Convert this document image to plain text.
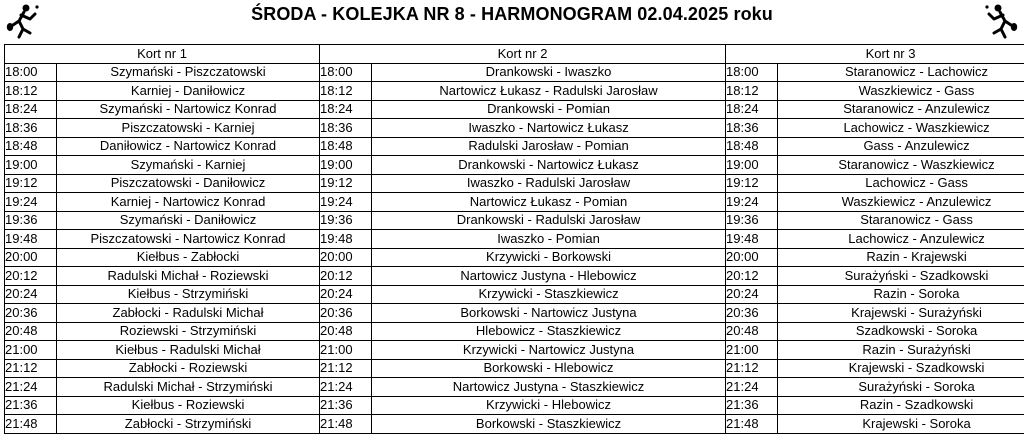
ŚRODA - KOLEJKA NR 8 - HARMONOGRAM 02.04.2025 roku
Kort nr 1		Kort nr 2		Kort nr 3	
18:00	Szymański - Piszczatowski	18:00	Drankowski - Iwaszko	18:00	Staranowicz - Lachowicz
18:12	Karniej - Daniłowicz	18:12	Nartowicz Łukasz - Radulski Jarosław	18:12	Waszkiewicz - Gass
18:24	Szymański - Nartowicz Konrad	18:24	Drankowski - Pomian	18:24	Staranowicz - Anzulewicz
18:36	Piszczatowski - Karniej	18:36	Iwaszko - Nartowicz Łukasz	18:36	Lachowicz - Waszkiewicz
18:48	Daniłowicz - Nartowicz Konrad	18:48	Radulski Jarosław - Pomian	18:48	Gass - Anzulewicz
19:00	Szymański - Karniej	19:00	Drankowski - Nartowicz Łukasz	19:00	Staranowicz - Waszkiewicz
19:12	Piszczatowski - Daniłowicz	19:12	Iwaszko - Radulski Jarosław	19:12	Lachowicz - Gass
19:24	Karniej - Nartowicz Konrad	19:24	Nartowicz Łukasz - Pomian	19:24	Waszkiewicz - Anzulewicz
19:36	Szymański - Daniłowicz	19:36	Drankowski - Radulski Jarosław	19:36	Staranowicz - Gass
19:48	Piszczatowski - Nartowicz Konrad	19:48	Iwaszko - Pomian	19:48	Lachowicz - Anzulewicz
20:00	Kiełbus - Zabłocki	20:00	Krzywicki - Borkowski	20:00	Razin - Krajewski
20:12	Radulski Michał - Roziewski	20:12	Nartowicz Justyna - Hlebowicz	20:12	Surażyński - Szadkowski
20:24	Kiełbus - Strzymiński	20:24	Krzywicki - Staszkiewicz	20:24	Razin - Soroka
20:36	Zabłocki - Radulski Michał	20:36	Borkowski - Nartowicz Justyna	20:36	Krajewski - Surażyński
20:48	Roziewski - Strzymiński	20:48	Hlebowicz - Staszkiewicz	20:48	Szadkowski - Soroka
21:00	Kiełbus - Radulski Michał	21:00	Krzywicki - Nartowicz Justyna	21:00	Razin - Surażyński
21:12	Zabłocki - Roziewski	21:12	Borkowski - Hlebowicz	21:12	Krajewski - Szadkowski
21:24	Radulski Michał - Strzymiński	21:24	Nartowicz Justyna - Staszkiewicz	21:24	Surażyński - Soroka
21:36	Kiełbus - Roziewski	21:36	Krzywicki - Hlebowicz	21:36	Razin - Szadkowski
21:48	Zabłocki - Strzymiński	21:48	Borkowski - Staszkiewicz	21:48	Krajewski - Soroka
